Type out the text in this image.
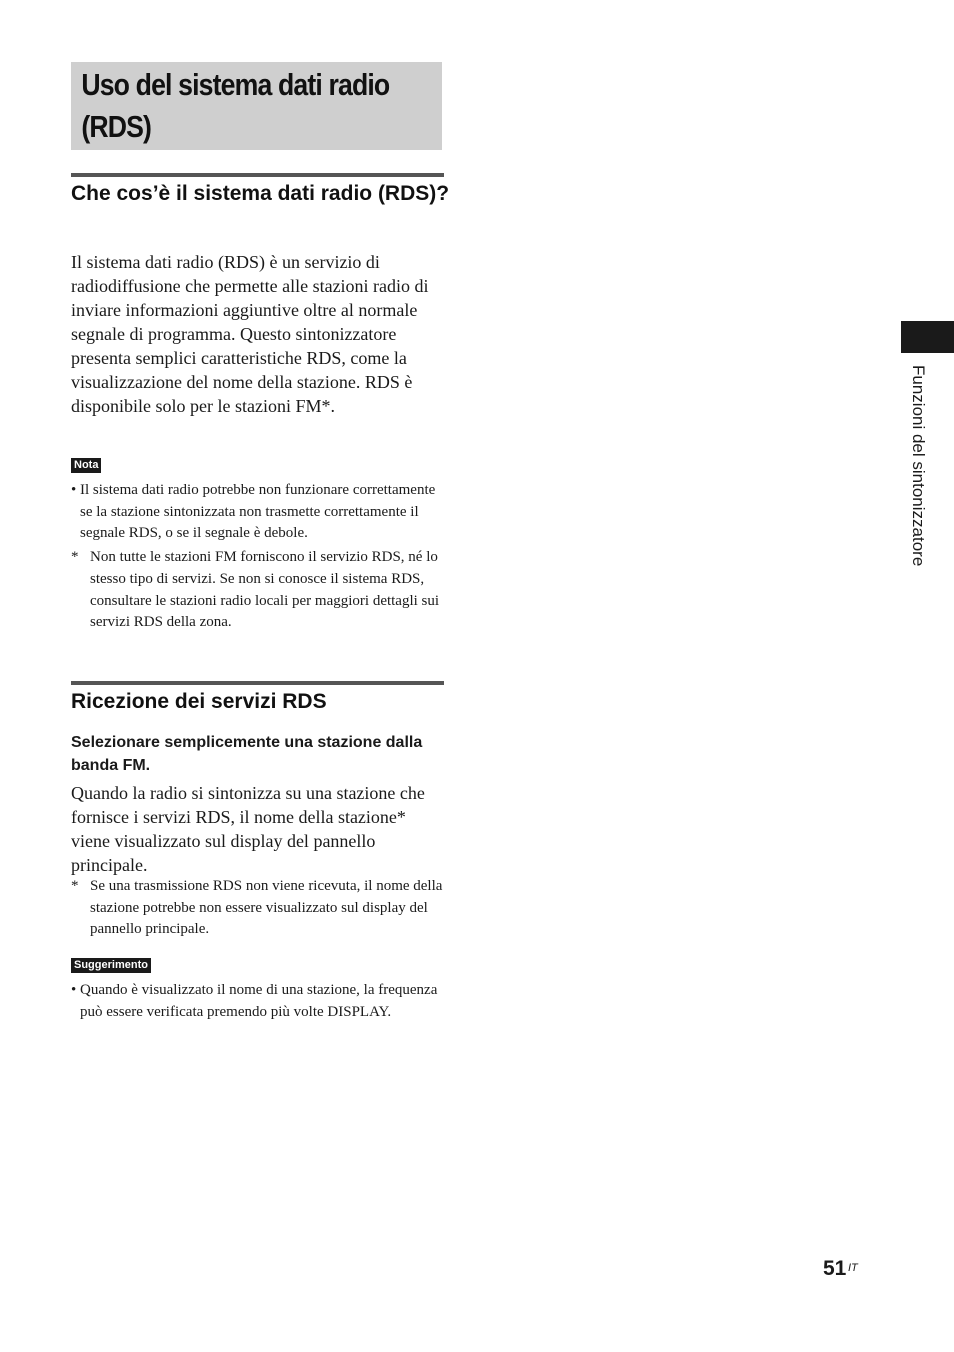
Uso del sistema dati radio (RDS)
Che cos’è il sistema dati radio (RDS)?

Il sistema dati radio (RDS) è un servizio di radiodiffusione che permette alle stazioni radio di inviare informazioni aggiuntive oltre al normale segnale di programma. Questo sintonizzatore presenta semplici caratteristiche RDS, come la visualizzazione del nome della stazione. RDS è disponibile solo per le stazioni FM*.

Nota
• Il sistema dati radio potrebbe non funzionare correttamente se la stazione sintonizzata non trasmette correttamente il segnale RDS, o se il segnale è debole.
* Non tutte le stazioni FM forniscono il servizio RDS, né lo stesso tipo di servizi. Se non si conosce il sistema RDS, consultare le stazioni radio locali per maggiori dettagli sui servizi RDS della zona.
Ricezione dei servizi RDS
Selezionare semplicemente una stazione dalla banda FM.

Quando la radio si sintonizza su una stazione che fornisce i servizi RDS, il nome della stazione* viene visualizzato sul display del pannello principale.

* Se una trasmissione RDS non viene ricevuta, il nome della stazione potrebbe non essere visualizzato sul display del pannello principale.
Suggerimento
• Quando è visualizzato il nome di una stazione, la frequenza può essere verificata premendo più volte DISPLAY.
Funzioni del sintonizzatore
51 IT
